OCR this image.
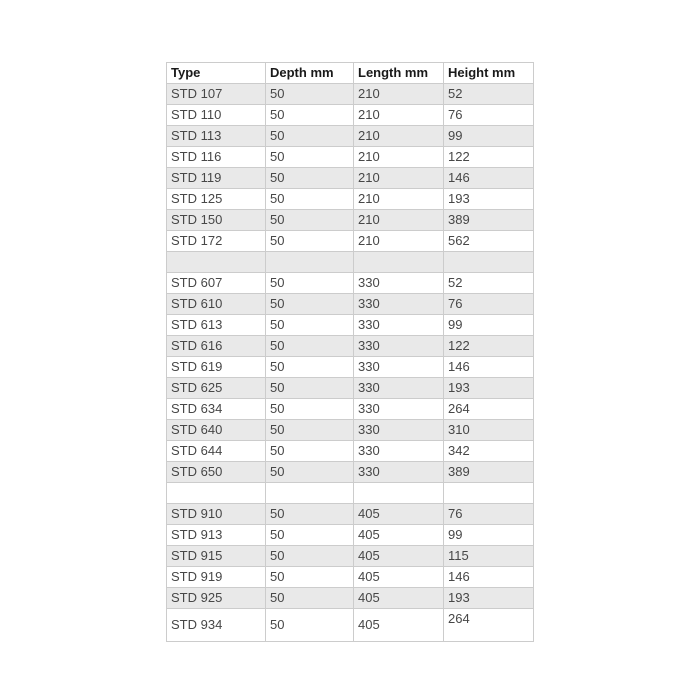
Type	Depth mm	Length mm	Height mm
STD 107	50	210	52
STD 110	50	210	76
STD 113	50	210	99
STD 116	50	210	122
STD 119	50	210	146
STD 125	50	210	193
STD 150	50	210	389
STD 172	50	210	562

STD 607	50	330	52
STD 610	50	330	76
STD 613	50	330	99
STD 616	50	330	122
STD 619	50	330	146
STD 625	50	330	193
STD 634	50	330	264
STD 640	50	330	310
STD 644	50	330	342
STD 650	50	330	389

STD 910	50	405	76
STD 913	50	405	99
STD 915	50	405	115
STD 919	50	405	146
STD 925	50	405	193
STD 934	50	405	264
